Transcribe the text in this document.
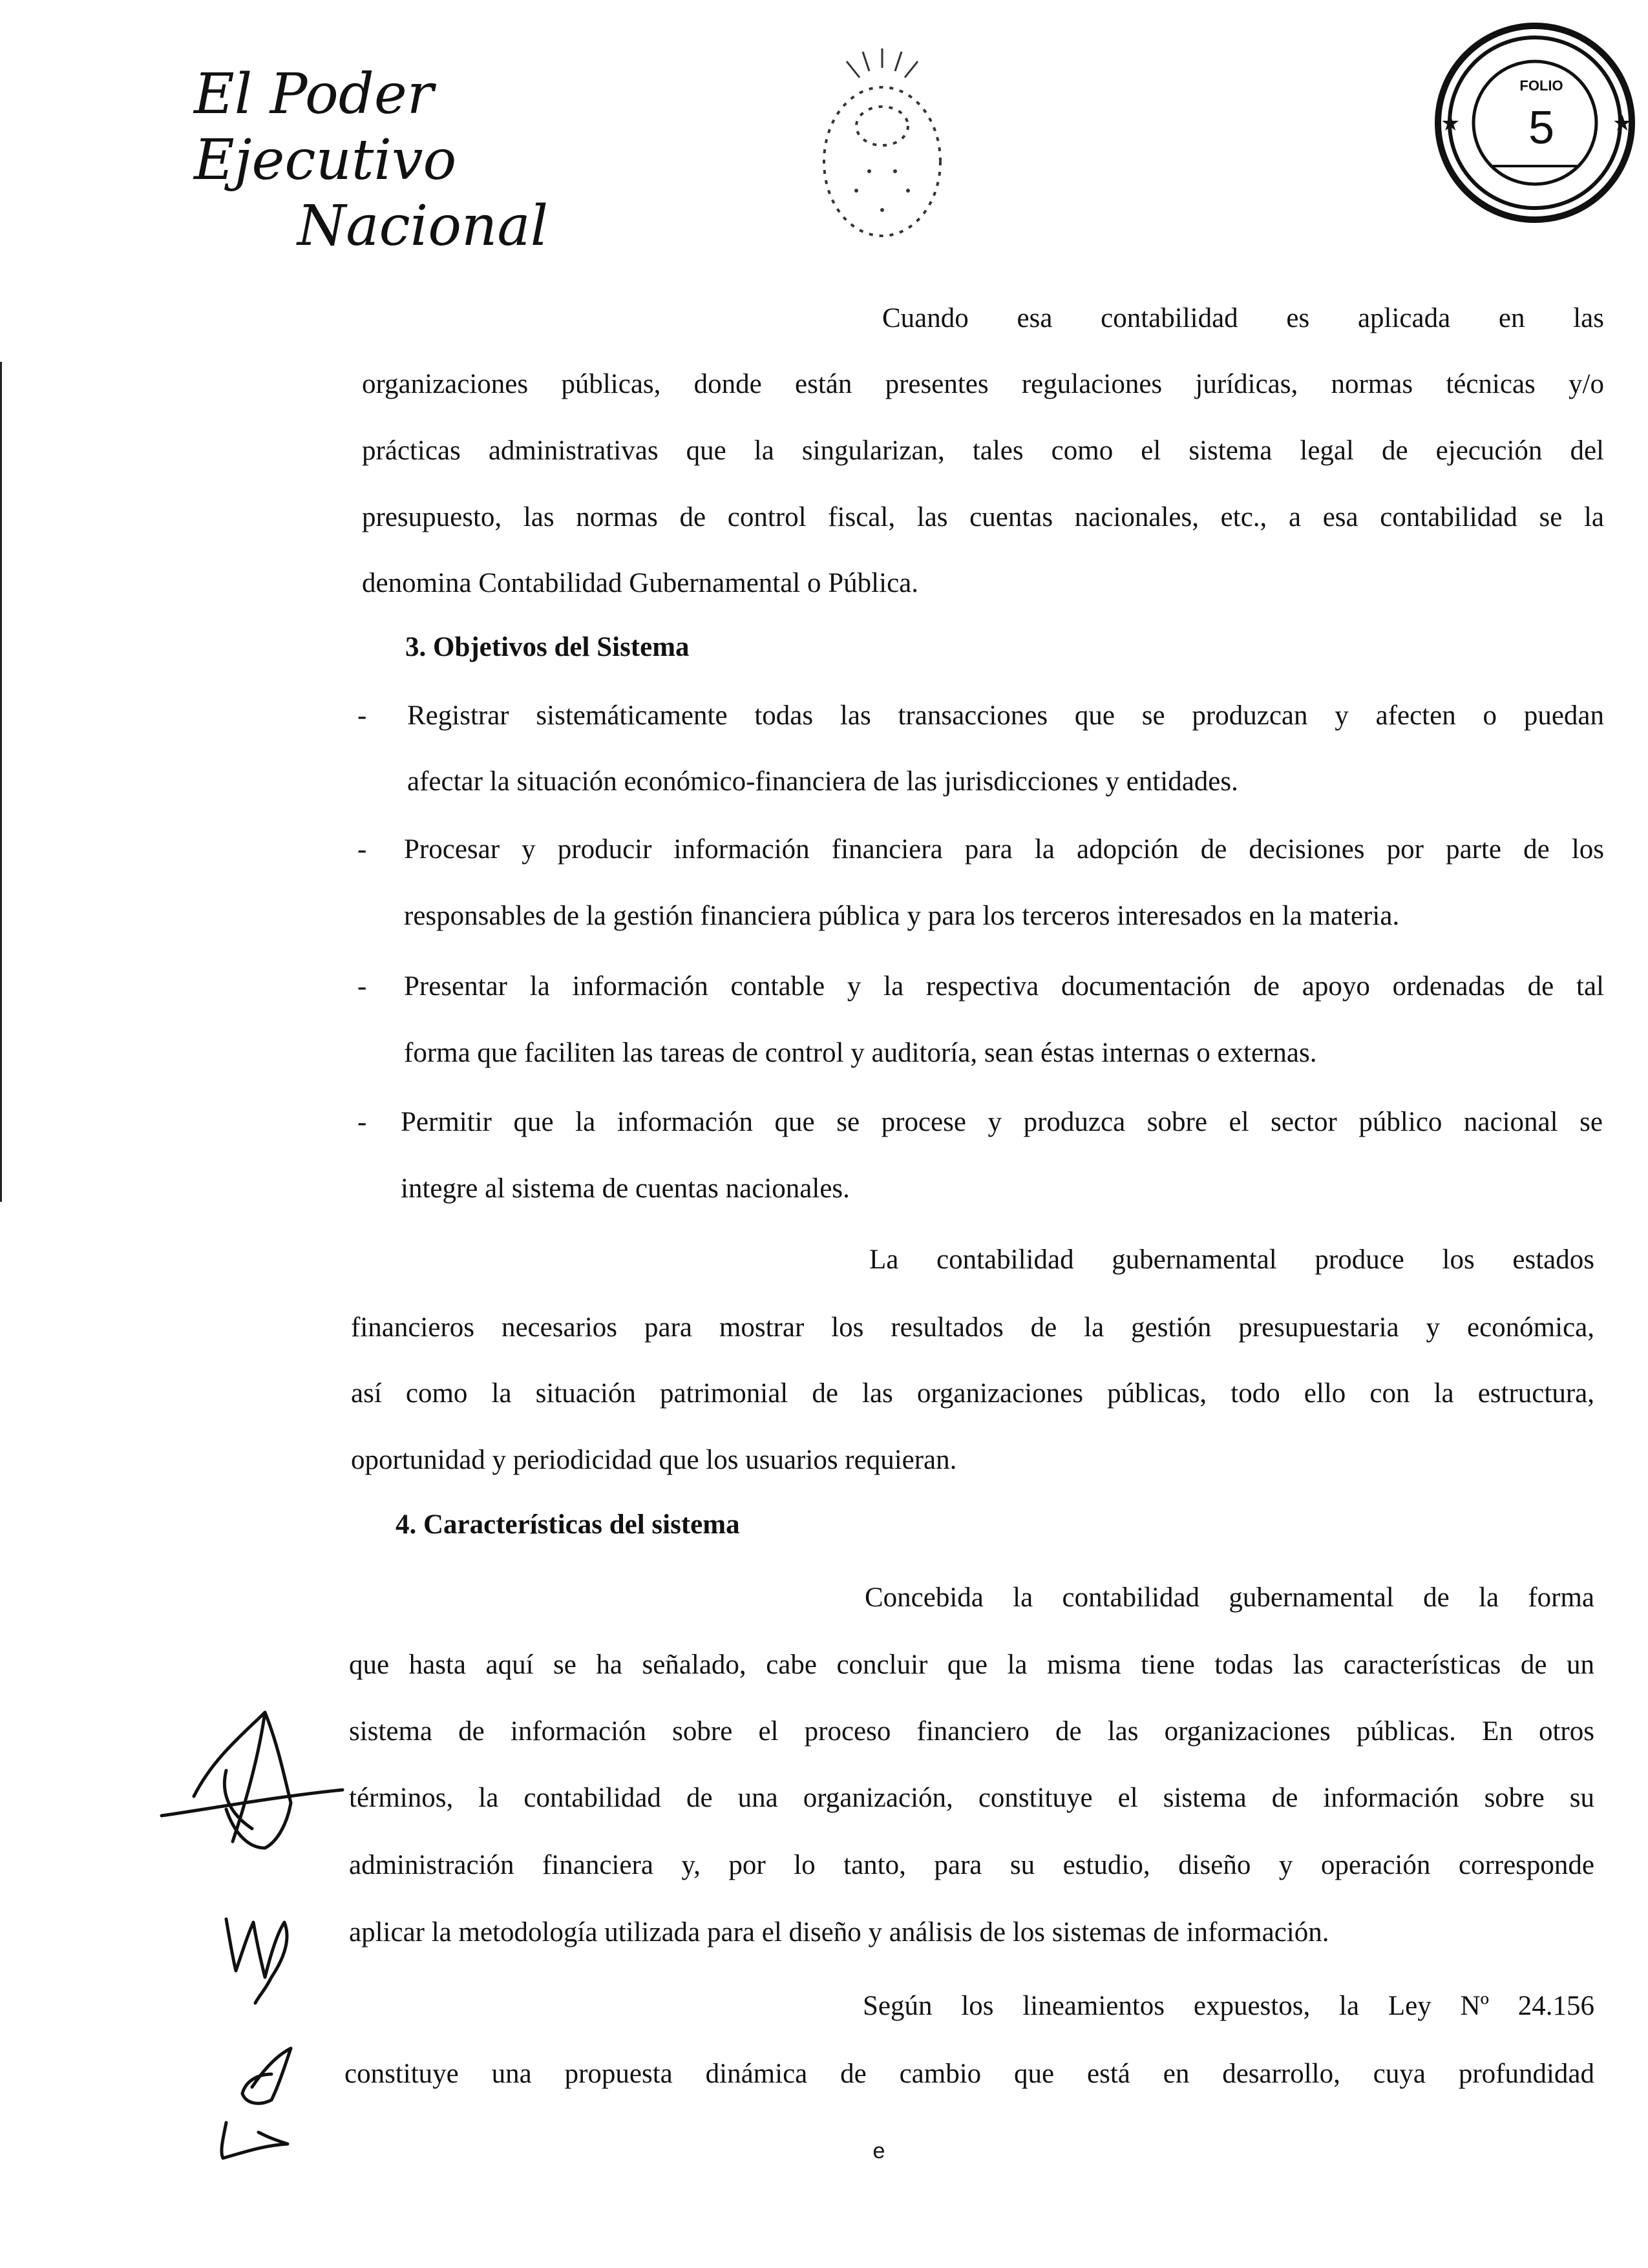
El Poder Ejecutivo
Nacional
★	★
FOLIO
5
Cuando esa contabilidad es aplicada en las
organizaciones públicas, donde están presentes regulaciones jurídicas, normas técnicas y/o
prácticas administrativas que la singularizan, tales como el sistema legal de ejecución del
presupuesto, las normas de control fiscal, las cuentas nacionales, etc., a esa contabilidad se la
denomina Contabilidad Gubernamental o Pública.
3. Objetivos del Sistema
- Registrar sistemáticamente todas las transacciones que se produzcan y afecten o puedan
afectar la situación económico-financiera de las jurisdicciones y entidades.
- Procesar y producir información financiera para la adopción de decisiones por parte de los
responsables de la gestión financiera pública y para los terceros interesados en la materia.
- Presentar la información contable y la respectiva documentación de apoyo ordenadas de tal
forma que faciliten las tareas de control y auditoría, sean éstas internas o externas.
- Permitir que la información que se procese y produzca sobre el sector público nacional se
integre al sistema de cuentas nacionales.
La contabilidad gubernamental produce los estados
financieros necesarios para mostrar los resultados de la gestión presupuestaria y económica,
así como la situación patrimonial de las organizaciones públicas, todo ello con la estructura,
oportunidad y periodicidad que los usuarios requieran.
4. Características del sistema
Concebida la contabilidad gubernamental de la forma
que hasta aquí se ha señalado, cabe concluir que la misma tiene todas las características de un
sistema de información sobre el proceso financiero de las organizaciones públicas. En otros
términos, la contabilidad de una organización, constituye el sistema de información sobre su
administración financiera y, por lo tanto, para su estudio, diseño y operación corresponde
aplicar la metodología utilizada para el diseño y análisis de los sistemas de información.
Según los lineamientos expuestos, la Ley Nº 24.156
constituye una propuesta dinámica de cambio que está en desarrollo, cuya profundidad
e
